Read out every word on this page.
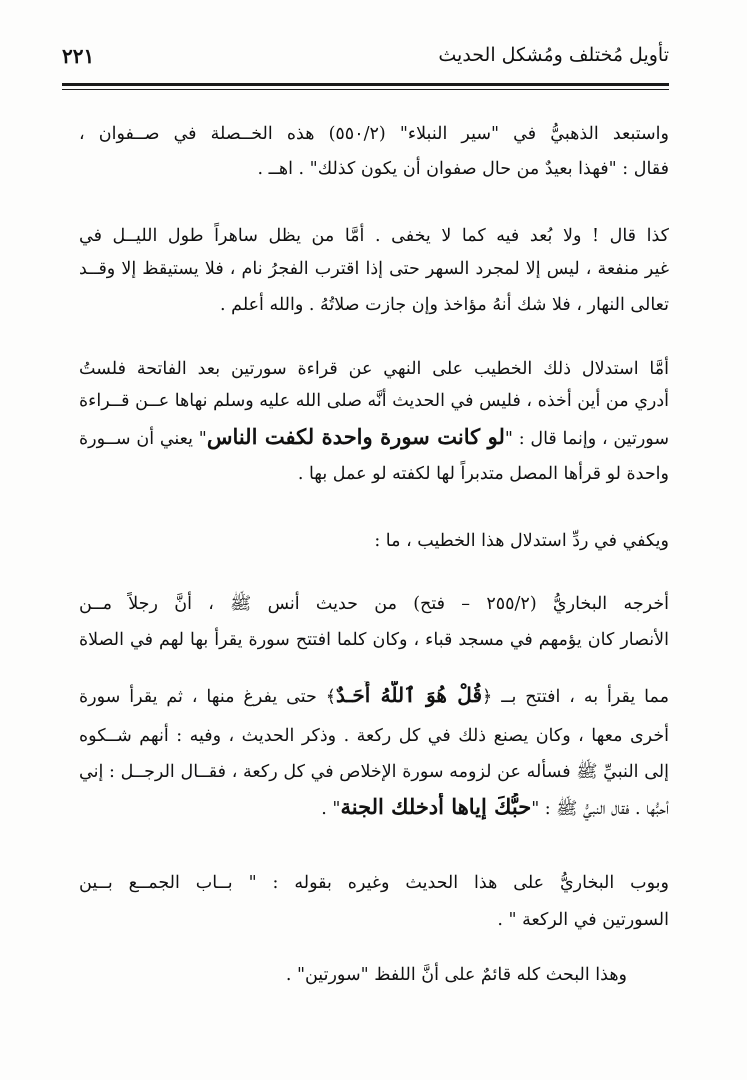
تأويل مُختلف ومُشكل الحديث
٢٢١
واستبعد الذهبيُّ في "سير النبلاء" (٥٥٠/٢) هذه الخــصلة في صــفوان ،
فقال : "فهذا بعيدٌ من حال صفوان أن يكون كذلك" . اهــ .
كذا قال ! ولا بُعد فيه كما لا يخفى . أمَّا من يظل ساهراً طول الليــل في
غير منفعة ، ليس إلا لمجرد السهر حتى إذا اقترب الفجرُ نام ، فلا يستيقظ إلا وقــد
تعالى النهار ، فلا شك أنهُ مؤاخذ وإن جازت صلاتُهُ . والله أعلم .
أمَّا استدلال ذلك الخطيب على النهي عن قراءة سورتين بعد الفاتحة فلستُ
أدري من أين أخذه ، فليس في الحديث أنَّه صلى الله عليه وسلم نهاها عــن قــراءة
سورتين ، وإنما قال : "لو كانت سورة واحدة لكفت الناس" يعني أن ســورة
واحدة لو قرأها المصل متدبراً لها لكفته لو عمل بها .
ويكفي في ردِّ استدلال هذا الخطيب ، ما :
أخرجه البخاريُّ (٢٥٥/٢ – فتح) من حديث أنس ﷺ ، أنَّ رجلاً مــن
الأنصار كان يؤمهم في مسجد قباء ، وكان كلما افتتح سورة يقرأ بها لهم في الصلاة
مما يقرأ به ، افتتح بــ ﴿قُلْ هُوَ ٱللَّهُ أَحَـدٌ﴾ حتى يفرغ منها ، ثم يقرأ سورة
أخرى معها ، وكان يصنع ذلك في كل ركعة . وذكر الحديث ، وفيه : أنهم شــكوه
إلى النبيِّ ﷺ فسأله عن لزومه سورة الإخلاص في كل ركعة ، فقــال الرجــل : إني
أحبُّها . فقال النبيُّ ﷺ : "حبُّكَ إياها أدخلك الجنة" .
وبوب البخاريُّ على هذا الحديث وغيره بقوله : " بــاب الجمــع بــين
السورتين في الركعة " .
وهذا البحث كله قائمٌ على أنَّ اللفظ "سورتين" .
